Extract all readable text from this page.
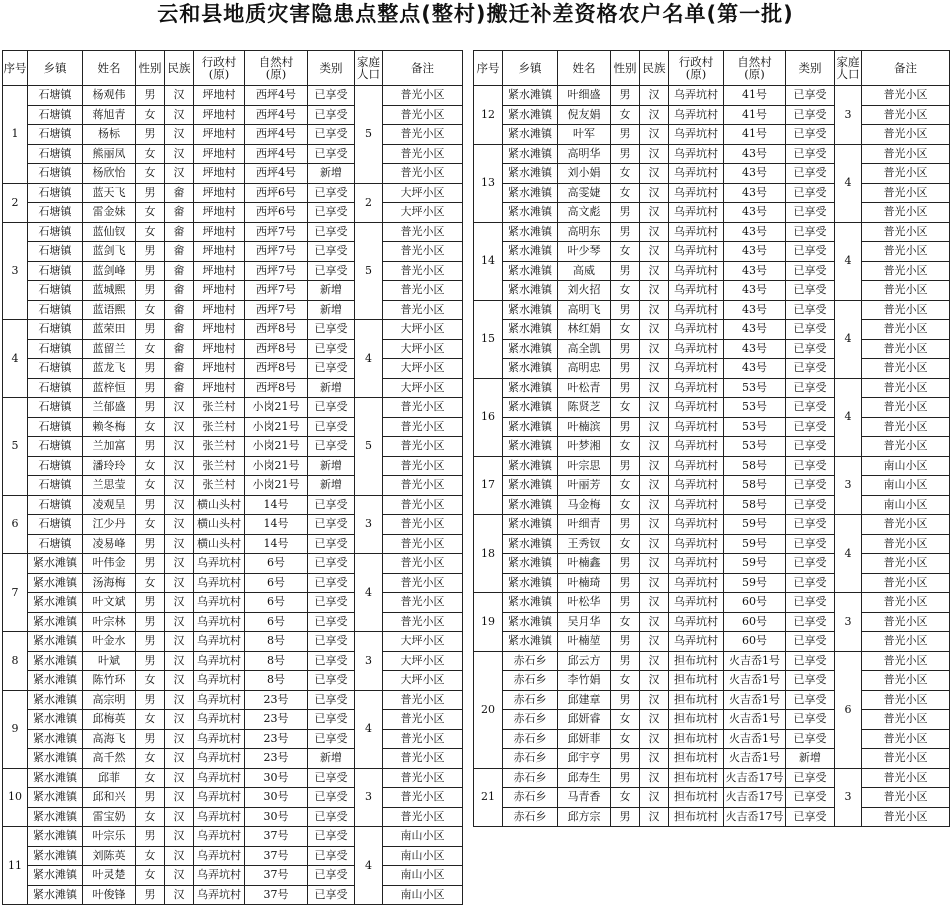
云和县地质灾害隐患点整点(整村)搬迁补差资格农户名单(第一批)
序号	乡镇	姓名	性别	民族	行政村
(原)	自然村
(原)	类别	家庭
人口	备注
1	石塘镇	杨观伟	男	汉	坪地村	西坪4号	已享受	5	普光小区
	石塘镇	蒋旭青	女	汉	坪地村	西坪4号	已享受		普光小区
	石塘镇	杨标	男	汉	坪地村	西坪4号	已享受		普光小区
	石塘镇	熊丽凤	女	汉	坪地村	西坪4号	已享受		普光小区
	石塘镇	杨欣怡	女	汉	坪地村	西坪4号	新增		普光小区
2	石塘镇	蓝天飞	男	畲	坪地村	西坪6号	已享受	2	大坪小区
	石塘镇	雷金妹	女	畲	坪地村	西坪6号	已享受		大坪小区
3	石塘镇	蓝仙钗	女	畲	坪地村	西坪7号	已享受	5	普光小区
	石塘镇	蓝剑飞	男	畲	坪地村	西坪7号	已享受		普光小区
	石塘镇	蓝剑峰	男	畲	坪地村	西坪7号	已享受		普光小区
	石塘镇	蓝城熙	男	畲	坪地村	西坪7号	新增		普光小区
	石塘镇	蓝语熙	女	畲	坪地村	西坪7号	新增		普光小区
4	石塘镇	蓝荣田	男	畲	坪地村	西坪8号	已享受	4	大坪小区
	石塘镇	蓝留兰	女	畲	坪地村	西坪8号	已享受		大坪小区
	石塘镇	蓝龙飞	男	畲	坪地村	西坪8号	已享受		大坪小区
	石塘镇	蓝梓恒	男	畲	坪地村	西坪8号	新增		大坪小区
5	石塘镇	兰郁盛	男	汉	张兰村	小岗21号	已享受	5	普光小区
	石塘镇	赖冬梅	女	汉	张兰村	小岗21号	已享受		普光小区
	石塘镇	兰加富	男	汉	张兰村	小岗21号	已享受		普光小区
	石塘镇	潘玲玲	女	汉	张兰村	小岗21号	新增		普光小区
	石塘镇	兰思莹	女	汉	张兰村	小岗21号	新增		普光小区
6	石塘镇	凌观呈	男	汉	横山头村	14号	已享受	3	普光小区
	石塘镇	江少丹	女	汉	横山头村	14号	已享受		普光小区
	石塘镇	凌易峰	男	汉	横山头村	14号	已享受		普光小区
7	紧水滩镇	叶伟金	男	汉	乌弄坑村	6号	已享受	4	普光小区
	紧水滩镇	汤海梅	女	汉	乌弄坑村	6号	已享受		普光小区
	紧水滩镇	叶文斌	男	汉	乌弄坑村	6号	已享受		普光小区
	紧水滩镇	叶宗林	男	汉	乌弄坑村	6号	已享受		普光小区
8	紧水滩镇	叶金水	男	汉	乌弄坑村	8号	已享受	3	大坪小区
	紧水滩镇	叶斌	男	汉	乌弄坑村	8号	已享受		大坪小区
	紧水滩镇	陈竹环	女	汉	乌弄坑村	8号	已享受		大坪小区
9	紧水滩镇	高宗明	男	汉	乌弄坑村	23号	已享受	4	普光小区
	紧水滩镇	邱梅英	女	汉	乌弄坑村	23号	已享受		普光小区
	紧水滩镇	高海飞	男	汉	乌弄坑村	23号	已享受		普光小区
	紧水滩镇	高千然	女	汉	乌弄坑村	23号	新增		普光小区
10	紧水滩镇	邱菲	女	汉	乌弄坑村	30号	已享受	3	普光小区
	紧水滩镇	邱和兴	男	汉	乌弄坑村	30号	已享受		普光小区
	紧水滩镇	雷宝奶	女	汉	乌弄坑村	30号	已享受		普光小区
11	紧水滩镇	叶宗乐	男	汉	乌弄坑村	37号	已享受	4	南山小区
	紧水滩镇	刘陈英	女	汉	乌弄坑村	37号	已享受		南山小区
	紧水滩镇	叶灵楚	女	汉	乌弄坑村	37号	已享受		南山小区
	紧水滩镇	叶俊锋	男	汉	乌弄坑村	37号	已享受		南山小区
序号	乡镇	姓名	性别	民族	行政村
(原)	自然村
(原)	类别	家庭
人口	备注
12	紧水滩镇	叶细盛	男	汉	乌弄坑村	41号	已享受	3	普光小区
	紧水滩镇	倪友娟	女	汉	乌弄坑村	41号	已享受		普光小区
	紧水滩镇	叶军	男	汉	乌弄坑村	41号	已享受		普光小区
13	紧水滩镇	高明华	男	汉	乌弄坑村	43号	已享受	4	普光小区
	紧水滩镇	刘小娟	女	汉	乌弄坑村	43号	已享受		普光小区
	紧水滩镇	高雯婕	女	汉	乌弄坑村	43号	已享受		普光小区
	紧水滩镇	高文彪	男	汉	乌弄坑村	43号	已享受		普光小区
14	紧水滩镇	高明东	男	汉	乌弄坑村	43号	已享受	4	普光小区
	紧水滩镇	叶少琴	女	汉	乌弄坑村	43号	已享受		普光小区
	紧水滩镇	高威	男	汉	乌弄坑村	43号	已享受		普光小区
	紧水滩镇	刘火招	女	汉	乌弄坑村	43号	已享受		普光小区
15	紧水滩镇	高明飞	男	汉	乌弄坑村	43号	已享受	4	普光小区
	紧水滩镇	林红娟	女	汉	乌弄坑村	43号	已享受		普光小区
	紧水滩镇	高全凯	男	汉	乌弄坑村	43号	已享受		普光小区
	紧水滩镇	高明忠	男	汉	乌弄坑村	43号	已享受		普光小区
16	紧水滩镇	叶松青	男	汉	乌弄坑村	53号	已享受	4	普光小区
	紧水滩镇	陈贤芝	女	汉	乌弄坑村	53号	已享受		普光小区
	紧水滩镇	叶楠滨	男	汉	乌弄坑村	53号	已享受		普光小区
	紧水滩镇	叶梦湘	女	汉	乌弄坑村	53号	已享受		普光小区
17	紧水滩镇	叶宗思	男	汉	乌弄坑村	58号	已享受	3	南山小区
	紧水滩镇	叶丽芳	女	汉	乌弄坑村	58号	已享受		南山小区
	紧水滩镇	马金梅	女	汉	乌弄坑村	58号	已享受		南山小区
18	紧水滩镇	叶细青	男	汉	乌弄坑村	59号	已享受	4	普光小区
	紧水滩镇	王秀钗	女	汉	乌弄坑村	59号	已享受		普光小区
	紧水滩镇	叶楠鑫	男	汉	乌弄坑村	59号	已享受		普光小区
	紧水滩镇	叶楠琦	男	汉	乌弄坑村	59号	已享受		普光小区
19	紧水滩镇	叶松华	男	汉	乌弄坑村	60号	已享受	3	普光小区
	紧水滩镇	吴月华	女	汉	乌弄坑村	60号	已享受		普光小区
	紧水滩镇	叶楠堃	男	汉	乌弄坑村	60号	已享受		普光小区
20	赤石乡	邱云方	男	汉	担布坑村	火吉岙1号	已享受	6	普光小区
	赤石乡	李竹娟	女	汉	担布坑村	火吉岙1号	已享受		普光小区
	赤石乡	邱建章	男	汉	担布坑村	火吉岙1号	已享受		普光小区
	赤石乡	邱妍睿	女	汉	担布坑村	火吉岙1号	已享受		普光小区
	赤石乡	邱妍菲	女	汉	担布坑村	火吉岙1号	已享受		普光小区
	赤石乡	邱宇亨	男	汉	担布坑村	火吉岙1号	新增		普光小区
21	赤石乡	邱寿生	男	汉	担布坑村	火吉岙17号	已享受	3	普光小区
	赤石乡	马青香	女	汉	担布坑村	火吉岙17号	已享受		普光小区
	赤石乡	邱方宗	男	汉	担布坑村	火吉岙17号	已享受		普光小区
